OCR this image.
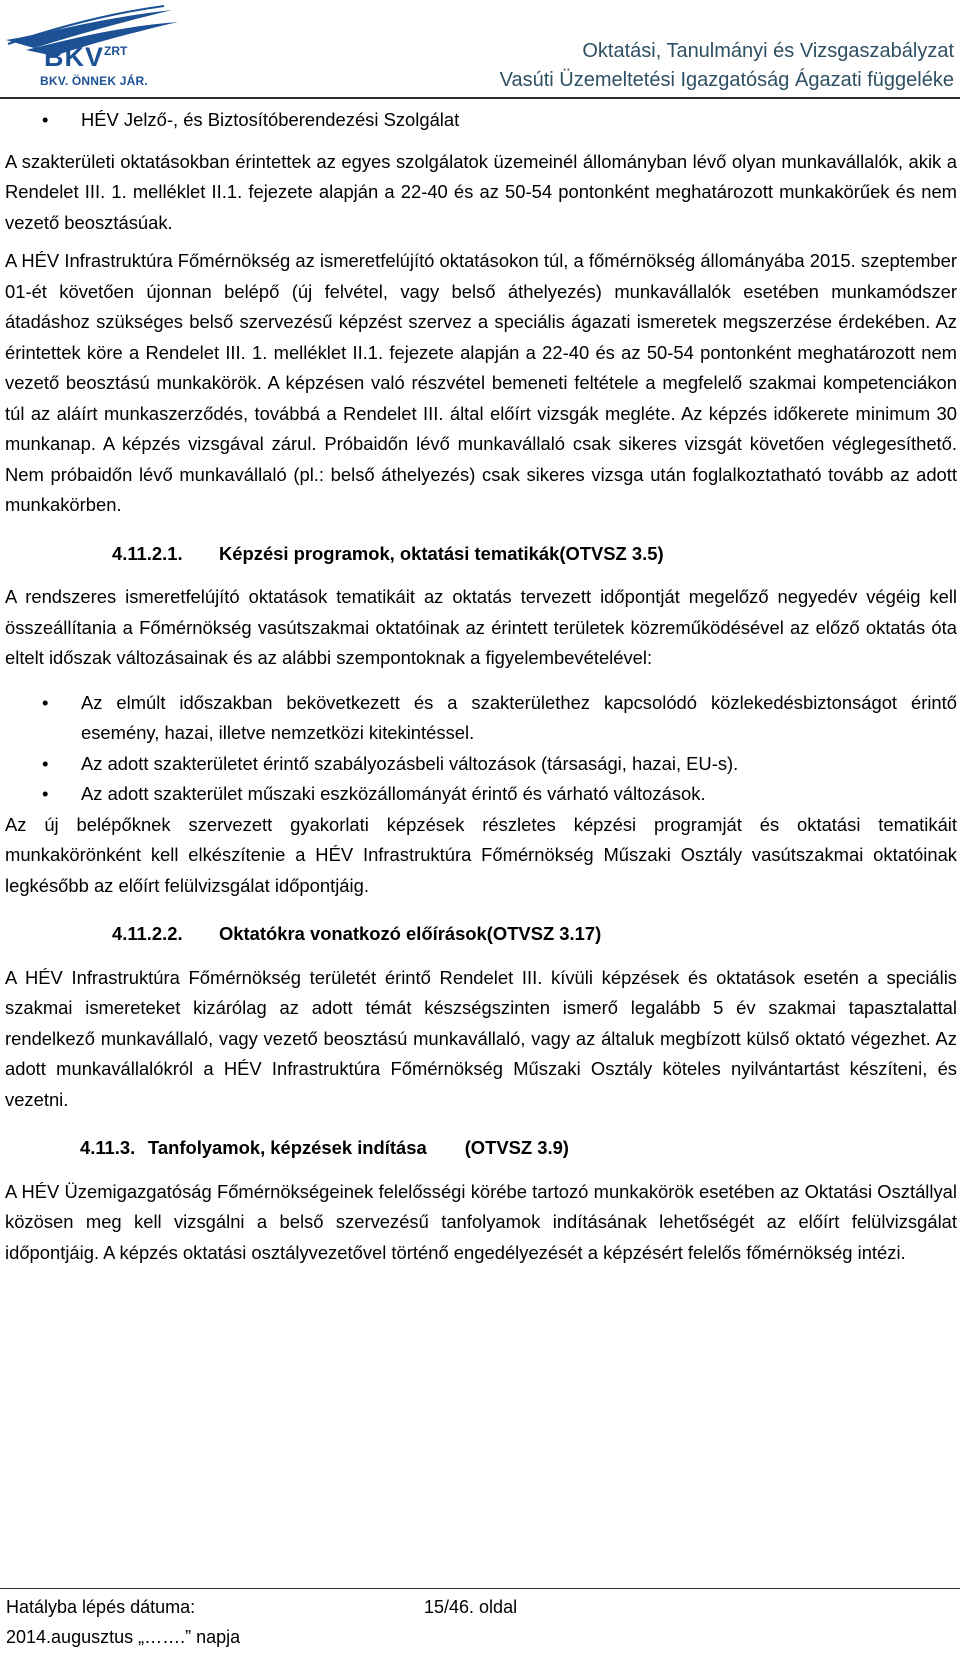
$BKV^{ZRT}$
BKV. ÖNNEK JÁR.
Oktatási, Tanulmányi és Vizsgaszabályzat
Vasúti Üzemeltetési Igazgatóság Ágazati függeléke
• HÉV Jelző-, és Biztosítóberendezési Szolgálat

A szakterületi oktatásokban érintettek az egyes szolgálatok üzemeinél állományban lévő olyan munkavállalók, akik a Rendelet III. 1. melléklet II.1. fejezete alapján a 22-40 és az 50-54 pontonként meghatározott munkakörűek és nem vezető beosztásúak.

A HÉV Infrastruktúra Főmérnökség az ismeretfelújító oktatásokon túl, a főmérnökség állományába 2015. szeptember 01-ét követően újonnan belépő (új felvétel, vagy belső áthelyezés) munkavállalók esetében munkamódszer átadáshoz szükséges belső szervezésű képzést szervez a speciális ágazati ismeretek megszerzése érdekében. Az érintettek köre a Rendelet III. 1. melléklet II.1. fejezete alapján a 22-40 és az 50-54 pontonként meghatározott nem vezető beosztású munkakörök. A képzésen való részvétel bemeneti feltétele a megfelelő szakmai kompetenciákon túl az aláírt munkaszerződés, továbbá a Rendelet III. által előírt vizsgák megléte. Az képzés időkerete minimum 30 munkanap. A képzés vizsgával zárul. Próbaidőn lévő munkavállaló csak sikeres vizsgát követően véglegesíthető. Nem próbaidőn lévő munkavállaló (pl.: belső áthelyezés) csak sikeres vizsga után foglalkoztatható tovább az adott munkakörben.

4.11.2.1. Képzési programok, oktatási tematikák(OTVSZ 3.5)

A rendszeres ismeretfelújító oktatások tematikáit az oktatás tervezett időpontját megelőző negyedév végéig kell összeállítania a Főmérnökség vasútszakmai oktatóinak az érintett területek közreműködésével az előző oktatás óta eltelt időszak változásainak és az alábbi szempontoknak a figyelembevételével:

• Az elmúlt időszakban bekövetkezett és a szakterülethez kapcsolódó közlekedésbiztonságot érintő esemény, hazai, illetve nemzetközi kitekintéssel.
• Az adott szakterületet érintő szabályozásbeli változások (társasági, hazai, EU-s).
• Az adott szakterület műszaki eszközállományát érintő és várható változások.

Az új belépőknek szervezett gyakorlati képzések részletes képzési programját és oktatási tematikáit munkakörönként kell elkészítenie a HÉV Infrastruktúra Főmérnökség Műszaki Osztály vasútszakmai oktatóinak legkésőbb az előírt felülvizsgálat időpontjáig.

4.11.2.2. Oktatókra vonatkozó előírások(OTVSZ 3.17)

A HÉV Infrastruktúra Főmérnökség területét érintő Rendelet III. kívüli képzések és oktatások esetén a speciális szakmai ismereteket kizárólag az adott témát készségszinten ismerő legalább 5 év szakmai tapasztalattal rendelkező munkavállaló, vagy vezető beosztású munkavállaló, vagy az általuk megbízott külső oktató végezhet. Az adott munkavállalókról a HÉV Infrastruktúra Főmérnökség Műszaki Osztály köteles nyilvántartást készíteni, és vezetni.

4.11.3. Tanfolyamok, képzések indítása (OTVSZ 3.9)

A HÉV Üzemigazgatóság Főmérnökségeinek felelősségi körébe tartozó munkakörök esetében az Oktatási Osztállyal közösen meg kell vizsgálni a belső szervezésű tanfolyamok indításának lehetőségét az előírt felülvizsgálat időpontjáig. A képzés oktatási osztályvezetővel történő engedélyezését a képzésért felelős főmérnökség intézi.

Hatályba lépés dátuma:
2014.augusztus „…….” napja
15/46. oldal
